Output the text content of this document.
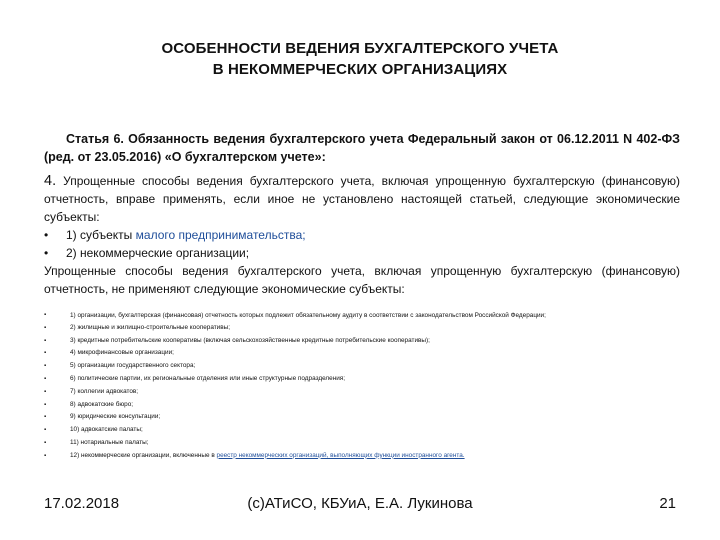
ОСОБЕННОСТИ ВЕДЕНИЯ БУХГАЛТЕРСКОГО УЧЕТА
В НЕКОММЕРЧЕСКИХ ОРГАНИЗАЦИЯХ
Статья 6. Обязанность ведения бухгалтерского учета Федеральный закон от 06.12.2011 N 402-ФЗ (ред. от 23.05.2016) «О бухгалтерском учете»:

4. Упрощенные способы ведения бухгалтерского учета, включая упрощенную бухгалтерскую (финансовую) отчетность, вправе применять, если иное не установлено настоящей статьей, следующие экономические субъекты:

•	1) субъекты малого предпринимательства;
•	2) некоммерческие организации;

Упрощенные способы ведения бухгалтерского учета, включая упрощенную бухгалтерскую (финансовую) отчетность, не применяют следующие экономические субъекты:

▪	1) организации, бухгалтерская (финансовая) отчетность которых подлежит обязательному аудиту в соответствии с законодательством Российской Федерации;
▪	2) жилищные и жилищно-строительные кооперативы;
▪	3) кредитные потребительские кооперативы (включая сельскохозяйственные кредитные потребительские кооперативы);
▪	4) микрофинансовые организации;
▪	5) организации государственного сектора;
▪	6) политические партии, их региональные отделения или иные структурные подразделения;
▪	7) коллегии адвокатов;
▪	8) адвокатские бюро;
▪	9) юридические консультации;
▪	10) адвокатские палаты;
▪	11) нотариальные палаты;
▪	12) некоммерческие организации, включенные в реестр некоммерческих организаций, выполняющих функции иностранного агента.
17.02.2018	(с)АТиСО, КБУиА, Е.А. Лукинова	21
